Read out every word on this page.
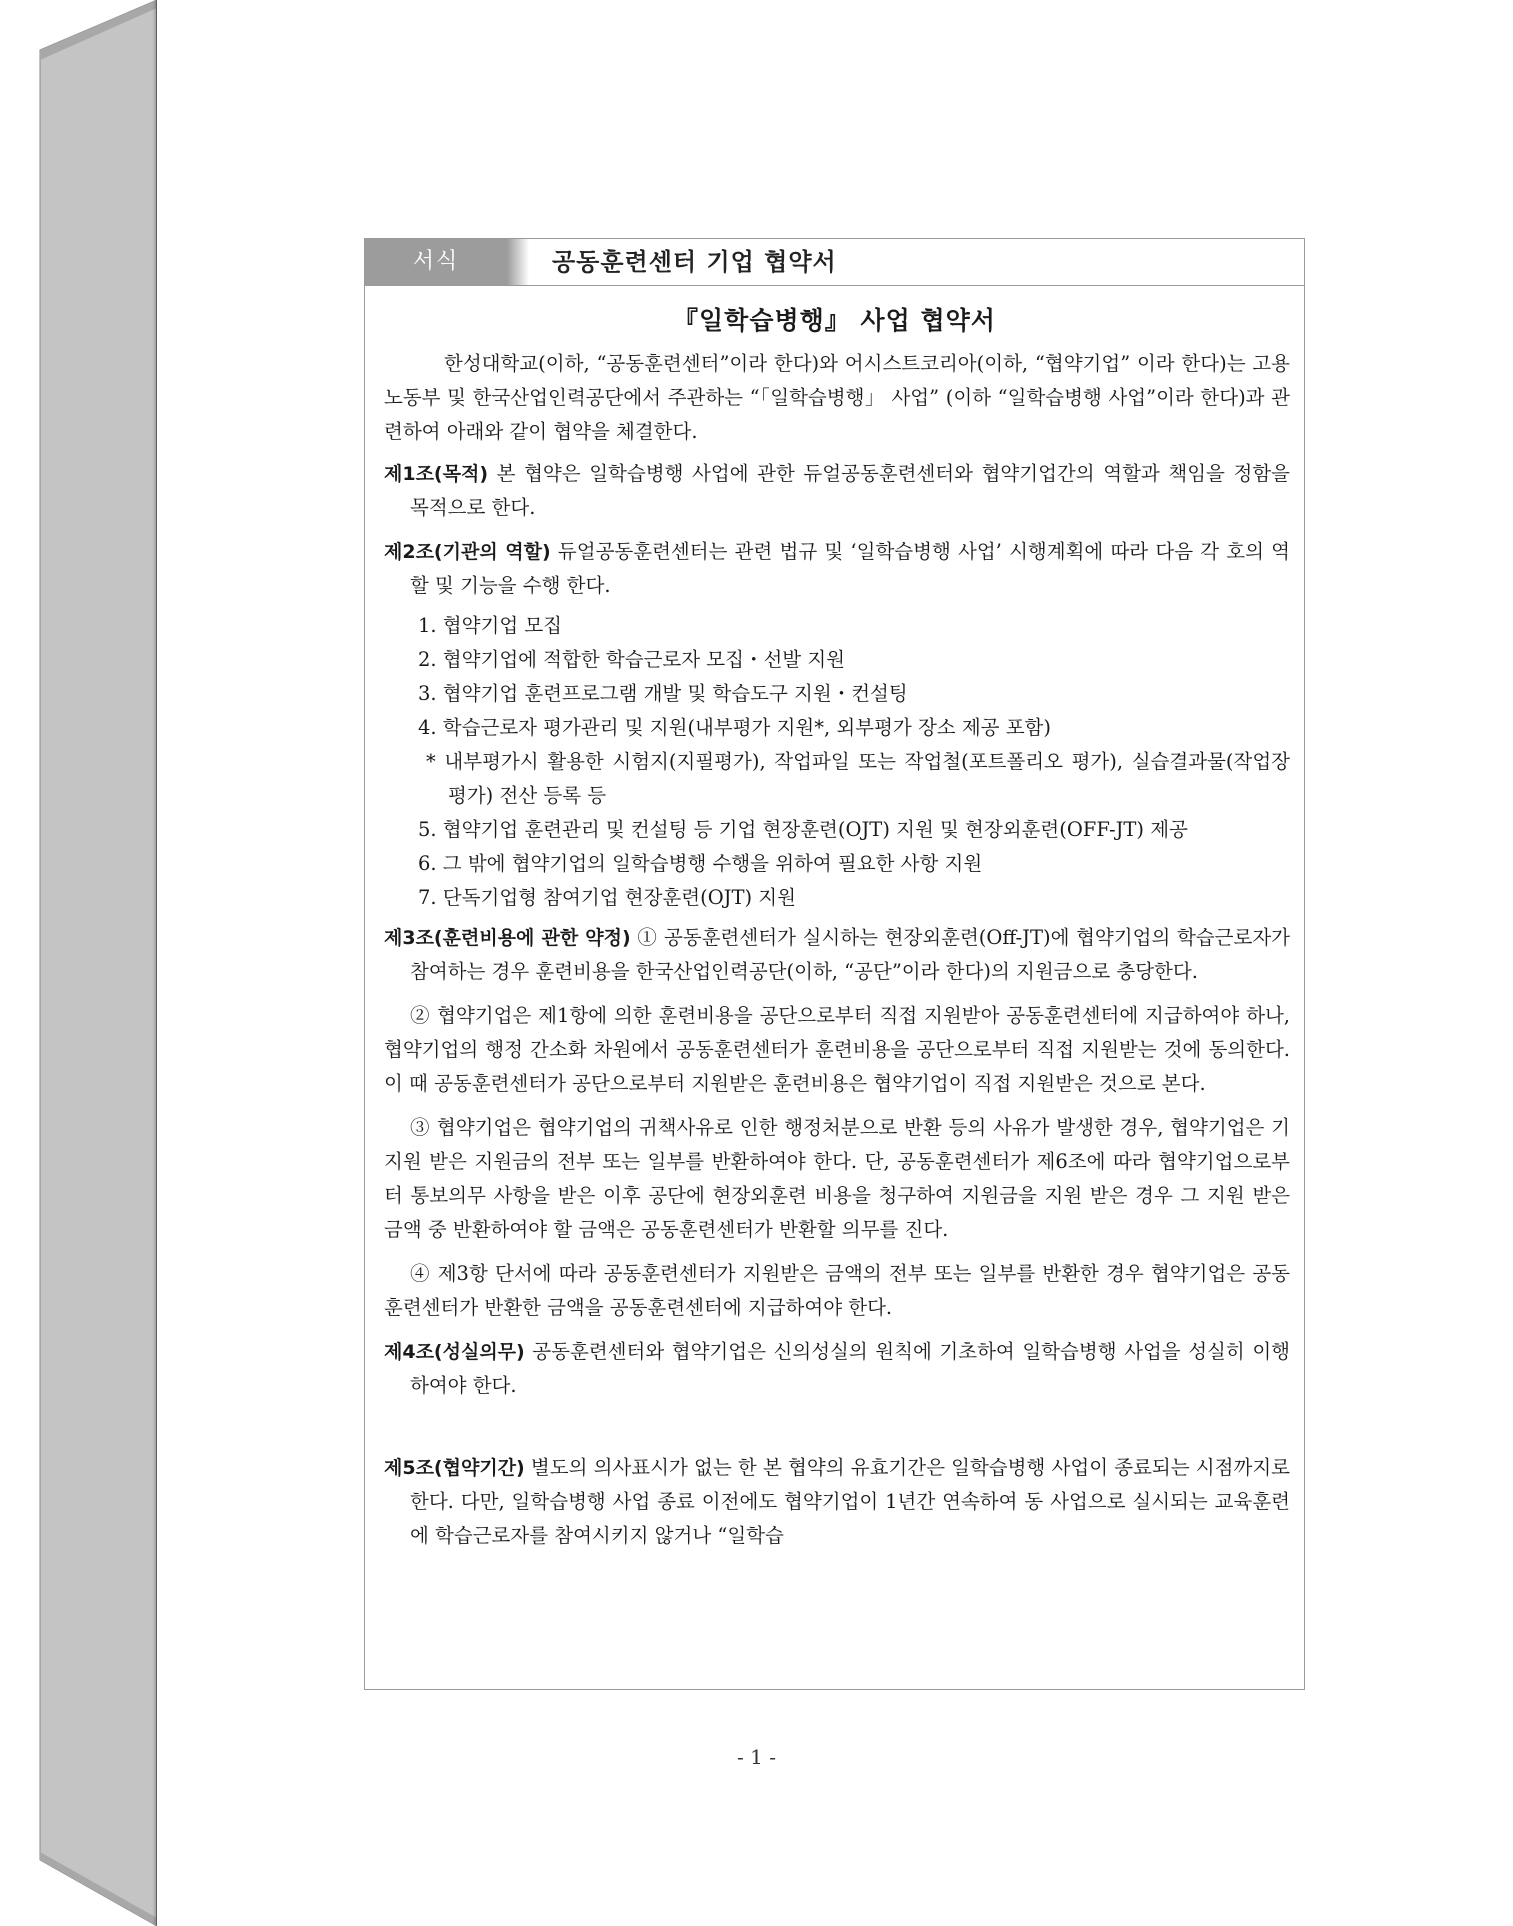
서식	공동훈련센터 기업 협약서
『일학습병행』 사업 협약서

한성대학교(이하, “공동훈련센터”이라 한다)와 어시스트코리아(이하, “협약기업” 이라 한다)는 고용노동부 및 한국산업인력공단에서 주관하는 “「일학습병행」 사업” (이하 “일학습병행 사업”이라 한다)과 관련하여 아래와 같이 협약을 체결한다.

제1조(목적) 본 협약은 일학습병행 사업에 관한 듀얼공동훈련센터와 협약기업간의 역할과 책임을 정함을 목적으로 한다.

제2조(기관의 역할) 듀얼공동훈련센터는 관련 법규 및 ‘일학습병행 사업’ 시행계획에 따라 다음 각 호의 역할 및 기능을 수행 한다.

1. 협약기업 모집
2. 협약기업에 적합한 학습근로자 모집・선발 지원
3. 협약기업 훈련프로그램 개발 및 학습도구 지원・컨설팅
4. 학습근로자 평가관리 및 지원(내부평가 지원*, 외부평가 장소 제공 포함)
* 내부평가시 활용한 시험지(지필평가), 작업파일 또는 작업철(포트폴리오 평가), 실습결과물(작업장 평가) 전산 등록 등
5. 협약기업 훈련관리 및 컨설팅 등 기업 현장훈련(OJT) 지원 및 현장외훈련(OFF-JT) 제공
6. 그 밖에 협약기업의 일학습병행 수행을 위하여 필요한 사항 지원
7. 단독기업형 참여기업 현장훈련(OJT) 지원

제3조(훈련비용에 관한 약정) ① 공동훈련센터가 실시하는 현장외훈련(Off-JT)에 협약기업의 학습근로자가 참여하는 경우 훈련비용을 한국산업인력공단(이하, “공단”이라 한다)의 지원금으로 충당한다.

② 협약기업은 제1항에 의한 훈련비용을 공단으로부터 직접 지원받아 공동훈련센터에 지급하여야 하나, 협약기업의 행정 간소화 차원에서 공동훈련센터가 훈련비용을 공단으로부터 직접 지원받는 것에 동의한다. 이 때 공동훈련센터가 공단으로부터 지원받은 훈련비용은 협약기업이 직접 지원받은 것으로 본다.

③ 협약기업은 협약기업의 귀책사유로 인한 행정처분으로 반환 등의 사유가 발생한 경우, 협약기업은 기 지원 받은 지원금의 전부 또는 일부를 반환하여야 한다. 단, 공동훈련센터가 제6조에 따라 협약기업으로부터 통보의무 사항을 받은 이후 공단에 현장외훈련 비용을 청구하여 지원금을 지원 받은 경우 그 지원 받은 금액 중 반환하여야 할 금액은 공동훈련센터가 반환할 의무를 진다.

④ 제3항 단서에 따라 공동훈련센터가 지원받은 금액의 전부 또는 일부를 반환한 경우 협약기업은 공동훈련센터가 반환한 금액을 공동훈련센터에 지급하여야 한다.

제4조(성실의무) 공동훈련센터와 협약기업은 신의성실의 원칙에 기초하여 일학습병행 사업을 성실히 이행하여야 한다.

제5조(협약기간) 별도의 의사표시가 없는 한 본 협약의 유효기간은 일학습병행 사업이 종료되는 시점까지로 한다. 다만, 일학습병행 사업 종료 이전에도 협약기업이 1년간 연속하여 동 사업으로 실시되는 교육훈련에 학습근로자를 참여시키지 않거나 “일학습

- 1 -
